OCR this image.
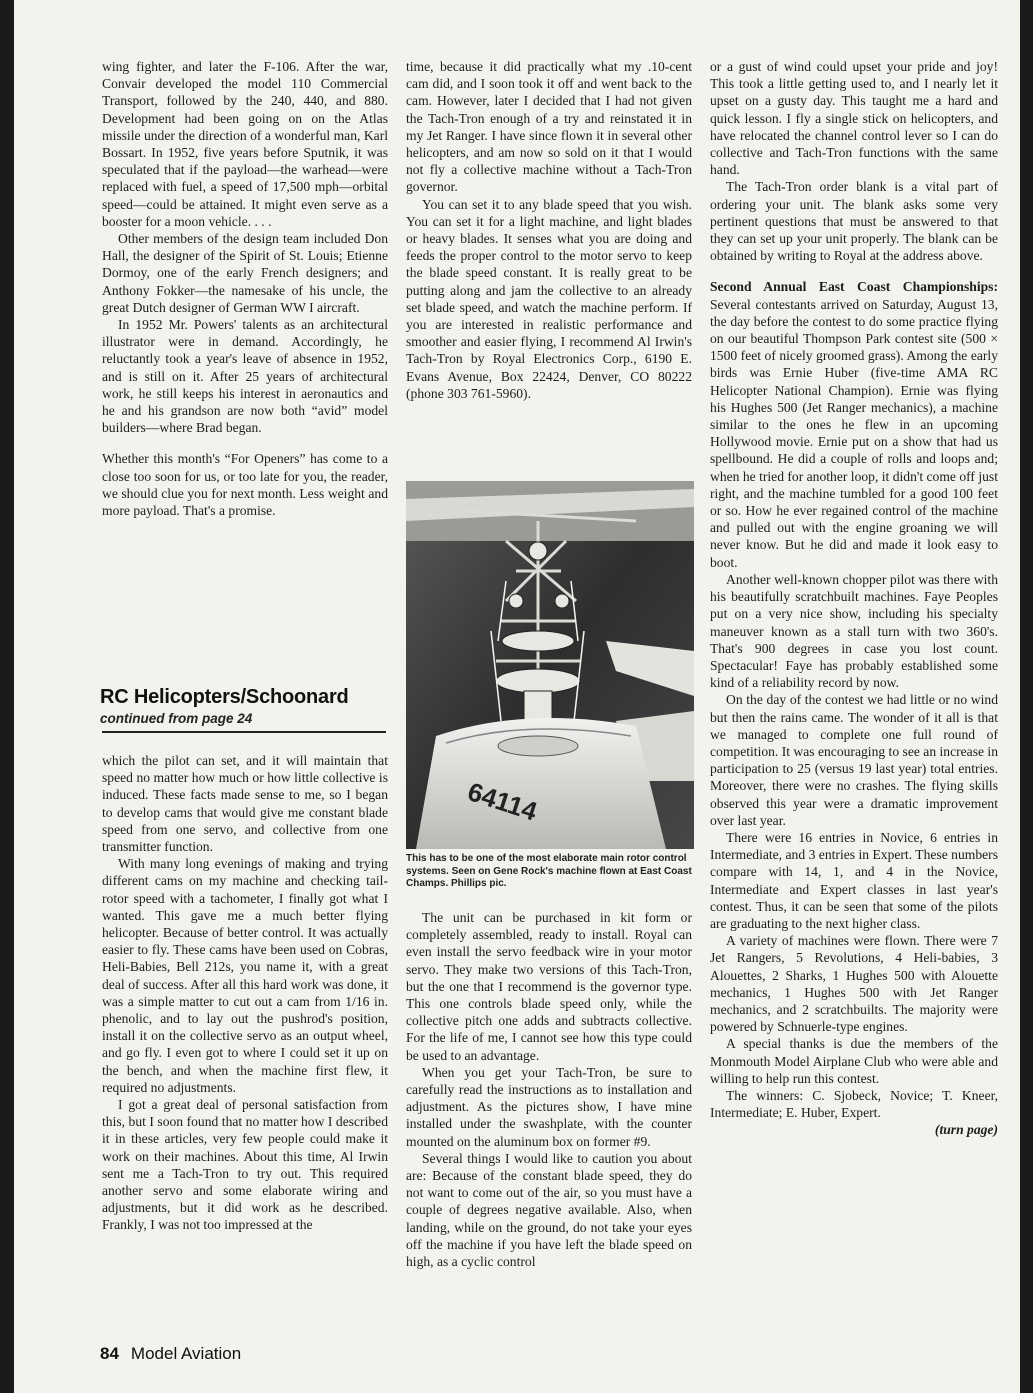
wing fighter, and later the F-106. After the war, Convair developed the model 110 Commercial Transport, followed by the 240, 440, and 880. Development had been going on on the Atlas missile under the direction of a wonderful man, Karl Bossart. In 1952, five years before Sputnik, it was speculated that if the payload—the warhead—were replaced with fuel, a speed of 17,500 mph—orbital speed—could be attained. It might even serve as a booster for a moon vehicle. . . .

Other members of the design team included Don Hall, the designer of the Spirit of St. Louis; Etienne Dormoy, one of the early French designers; and Anthony Fokker—the namesake of his uncle, the great Dutch designer of German WW I aircraft.

In 1952 Mr. Powers' talents as an architectural illustrator were in demand. Accordingly, he reluctantly took a year's leave of absence in 1952, and is still on it. After 25 years of architectural work, he still keeps his interest in aeronautics and he and his grandson are now both “avid” model builders—where Brad began.

Whether this month's “For Openers” has come to a close too soon for us, or too late for you, the reader, we should clue you for next month. Less weight and more payload. That's a promise.

RC Helicopters/Schoonard
continued from page 24

which the pilot can set, and it will maintain that speed no matter how much or how little collective is induced. These facts made sense to me, so I began to develop cams that would give me constant blade speed from one servo, and collective from one transmitter function.

With many long evenings of making and trying different cams on my machine and checking tail-rotor speed with a tachometer, I finally got what I wanted. This gave me a much better flying helicopter. Because of better control. It was actually easier to fly. These cams have been used on Cobras, Heli-Babies, Bell 212s, you name it, with a great deal of success. After all this hard work was done, it was a simple matter to cut out a cam from 1/16 in. phenolic, and to lay out the pushrod's position, install it on the collective servo as an output wheel, and go fly. I even got to where I could set it up on the bench, and when the machine first flew, it required no adjustments.

I got a great deal of personal satisfaction from this, but I soon found that no matter how I described it in these articles, very few people could make it work on their machines. About this time, Al Irwin sent me a Tach-Tron to try out. This required another servo and some elaborate wiring and adjustments, but it did work as he described. Frankly, I was not too impressed at the

time, because it did practically what my .10-cent cam did, and I soon took it off and went back to the cam. However, later I decided that I had not given the Tach-Tron enough of a try and reinstated it in my Jet Ranger. I have since flown it in several other helicopters, and am now so sold on it that I would not fly a collective machine without a Tach-Tron governor.

You can set it to any blade speed that you wish. You can set it for a light machine, and light blades or heavy blades. It senses what you are doing and feeds the proper control to the motor servo to keep the blade speed constant. It is really great to be putting along and jam the collective to an already set blade speed, and watch the machine perform. If you are interested in realistic performance and smoother and easier flying, I recommend Al Irwin's Tach-Tron by Royal Electronics Corp., 6190 E. Evans Avenue, Box 22424, Denver, CO 80222 (phone 303 761-5960).

64114
This has to be one of the most elaborate main rotor control systems. Seen on Gene Rock's machine flown at East Coast Champs. Phillips pic.

The unit can be purchased in kit form or completely assembled, ready to install. Royal can even install the servo feedback wire in your motor servo. They make two versions of this Tach-Tron, but the one that I recommend is the governor type. This one controls blade speed only, while the collective pitch one adds and subtracts collective. For the life of me, I cannot see how this type could be used to an advantage.

When you get your Tach-Tron, be sure to carefully read the instructions as to installation and adjustment. As the pictures show, I have mine installed under the swashplate, with the counter mounted on the aluminum box on former #9.

Several things I would like to caution you about are: Because of the constant blade speed, they do not want to come out of the air, so you must have a couple of degrees negative available. Also, when landing, while on the ground, do not take your eyes off the machine if you have left the blade speed on high, as a cyclic control

or a gust of wind could upset your pride and joy! This took a little getting used to, and I nearly let it upset on a gusty day. This taught me a hard and quick lesson. I fly a single stick on helicopters, and have relocated the channel control lever so I can do collective and Tach-Tron functions with the same hand.

The Tach-Tron order blank is a vital part of ordering your unit. The blank asks some very pertinent questions that must be answered to that they can set up your unit properly. The blank can be obtained by writing to Royal at the address above.

Second Annual East Coast Championships: Several contestants arrived on Saturday, August 13, the day before the contest to do some practice flying on our beautiful Thompson Park contest site (500 × 1500 feet of nicely groomed grass). Among the early birds was Ernie Huber (five-time AMA RC Helicopter National Champion). Ernie was flying his Hughes 500 (Jet Ranger mechanics), a machine similar to the ones he flew in an upcoming Hollywood movie. Ernie put on a show that had us spellbound. He did a couple of rolls and loops and; when he tried for another loop, it didn't come off just right, and the machine tumbled for a good 100 feet or so. How he ever regained control of the machine and pulled out with the engine groaning we will never know. But he did and made it look easy to boot.

Another well-known chopper pilot was there with his beautifully scratchbuilt machines. Faye Peoples put on a very nice show, including his specialty maneuver known as a stall turn with two 360's. That's 900 degrees in case you lost count. Spectacular! Faye has probably established some kind of a reliability record by now.

On the day of the contest we had little or no wind but then the rains came. The wonder of it all is that we managed to complete one full round of competition. It was encouraging to see an increase in participation to 25 (versus 19 last year) total entries. Moreover, there were no crashes. The flying skills observed this year were a dramatic improvement over last year.

There were 16 entries in Novice, 6 entries in Intermediate, and 3 entries in Expert. These numbers compare with 14, 1, and 4 in the Novice, Intermediate and Expert classes in last year's contest. Thus, it can be seen that some of the pilots are graduating to the next higher class.

A variety of machines were flown. There were 7 Jet Rangers, 5 Revolutions, 4 Heli-babies, 3 Alouettes, 2 Sharks, 1 Hughes 500 with Alouette mechanics, 1 Hughes 500 with Jet Ranger mechanics, and 2 scratchbuilts. The majority were powered by Schnuerle-type engines.

A special thanks is due the members of the Monmouth Model Airplane Club who were able and willing to help run this contest.

The winners: C. Sjobeck, Novice; T. Kneer, Intermediate; E. Huber, Expert.

(turn page)

84 Model Aviation
